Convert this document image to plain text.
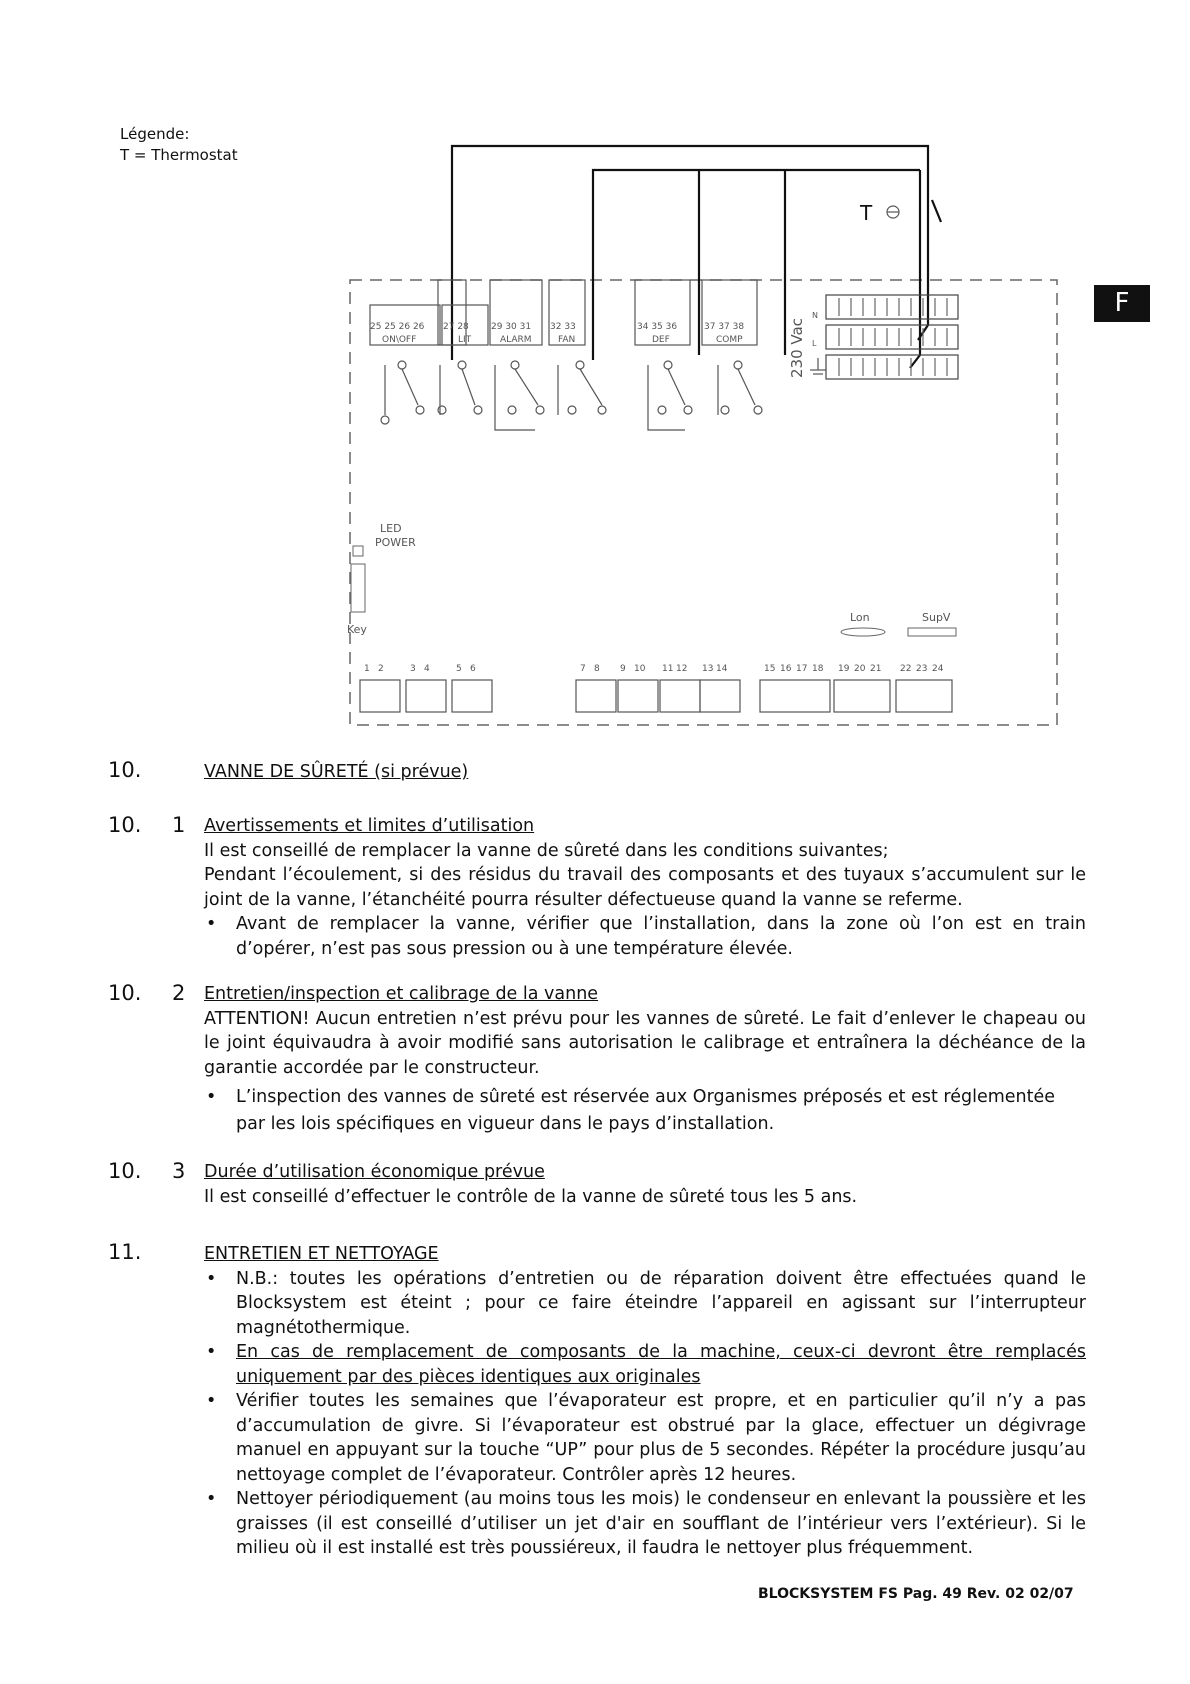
Légende:
T = Thermostat
F
T
25 25 26 26
ON\OFF
27 28
LIT
29 30 31
ALARM
32 33
FAN
34 35 36
DEF
37 37 38
COMP	230 Vac
N
L
LED
POWER
Key
Lon	SupV
1 2	3 4	5 6	7 8 9 10 11 12 13 14	15 16 17 18 19 20 21 22 23 24
10.	VANNE DE SÛRETÉ (si prévue)
10. 1 Avertissements et limites d’utilisation

Il est conseillé de remplacer la vanne de sûreté dans les conditions suivantes;

Pendant l’écoulement, si des résidus du travail des composants et des tuyaux s’accumulent sur le joint de la vanne, l’étanchéité pourra résulter défectueuse quand la vanne se referme.

• Avant de remplacer la vanne, vérifier que l’installation, dans la zone où l’on est en train d’opérer, n’est pas sous pression ou à une température élevée.
10. 2 Entretien/inspection et calibrage de la vanne

ATTENTION! Aucun entretien n’est prévu pour les vannes de sûreté. Le fait d’enlever le chapeau ou le joint équivaudra à avoir modifié sans autorisation le calibrage et entraînera la déchéance de la garantie accordée par le constructeur.

• L’inspection des vannes de sûreté est réservée aux Organismes préposés et est réglementée par les lois spécifiques en vigueur dans le pays d’installation.
10. 3 Durée d’utilisation économique prévue

Il est conseillé d’effectuer le contrôle de la vanne de sûreté tous les 5 ans.

11.	ENTRETIEN ET NETTOYAGE

• N.B.: toutes les opérations d’entretien ou de réparation doivent être effectuées quand le Blocksystem est éteint ; pour ce faire éteindre l’appareil en agissant sur l’interrupteur magnétothermique.
• En cas de remplacement de composants de la machine, ceux-ci devront être remplacés uniquement par des pièces identiques aux originales
• Vérifier toutes les semaines que l’évaporateur est propre, et en particulier qu’il n’y a pas d’accumulation de givre. Si l’évaporateur est obstrué par la glace, effectuer un dégivrage manuel en appuyant sur la touche “UP” pour plus de 5 secondes. Répéter la procédure jusqu’au nettoyage complet de l’évaporateur. Contrôler après 12 heures.
• Nettoyer périodiquement (au moins tous les mois) le condenseur en enlevant la poussière et les graisses (il est conseillé d’utiliser un jet d'air en soufflant de l’intérieur vers l’extérieur). Si le milieu où il est installé est très poussiéreux, il faudra le nettoyer plus fréquemment.
BLOCKSYSTEM FS Pag. 49 Rev. 02 02/07
